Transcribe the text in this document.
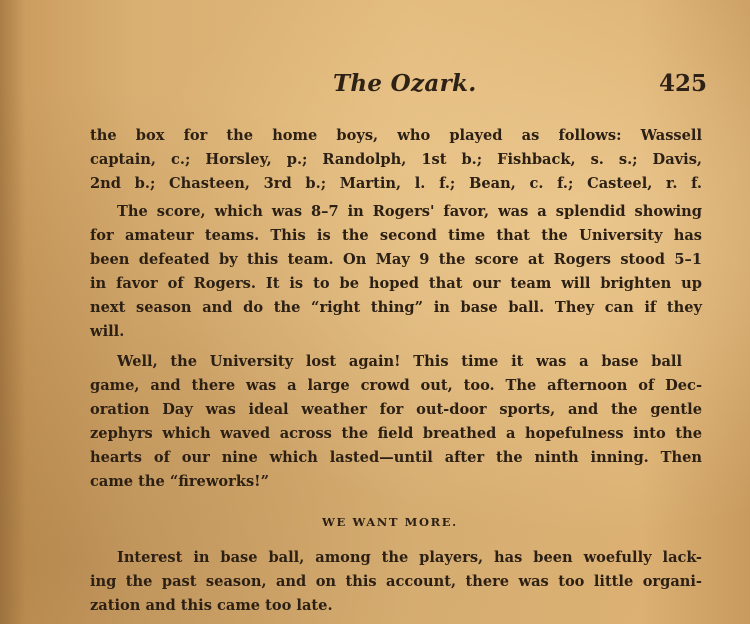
The Ozark.	425
the box for the home boys, who played as follows: Wassell
captain, c.; Horsley, p.; Randolph, 1st b.; Fishback, s. s.; Davis,
2nd b.; Chasteen, 3rd b.; Martin, l. f.; Bean, c. f.; Casteel, r. f.
The score, which was 8–7 in Rogers' favor, was a splendid showing
for amateur teams. This is the second time that the University has
been defeated by this team. On May 9 the score at Rogers stood 5–1
in favor of Rogers. It is to be hoped that our team will brighten up
next season and do the “right thing” in base ball. They can if they
will.
Well, the University lost again! This time it was a base ball
game, and there was a large crowd out, too. The afternoon of Dec-
oration Day was ideal weather for out-door sports, and the gentle
zephyrs which waved across the field breathed a hopefulness into the
hearts of our nine which lasted—until after the ninth inning. Then
came the “fireworks!”
Interest in base ball, among the players, has been woefully lack-
ing the past season, and on this account, there was too little organi-
zation and this came too late.
WE WANT MORE.
